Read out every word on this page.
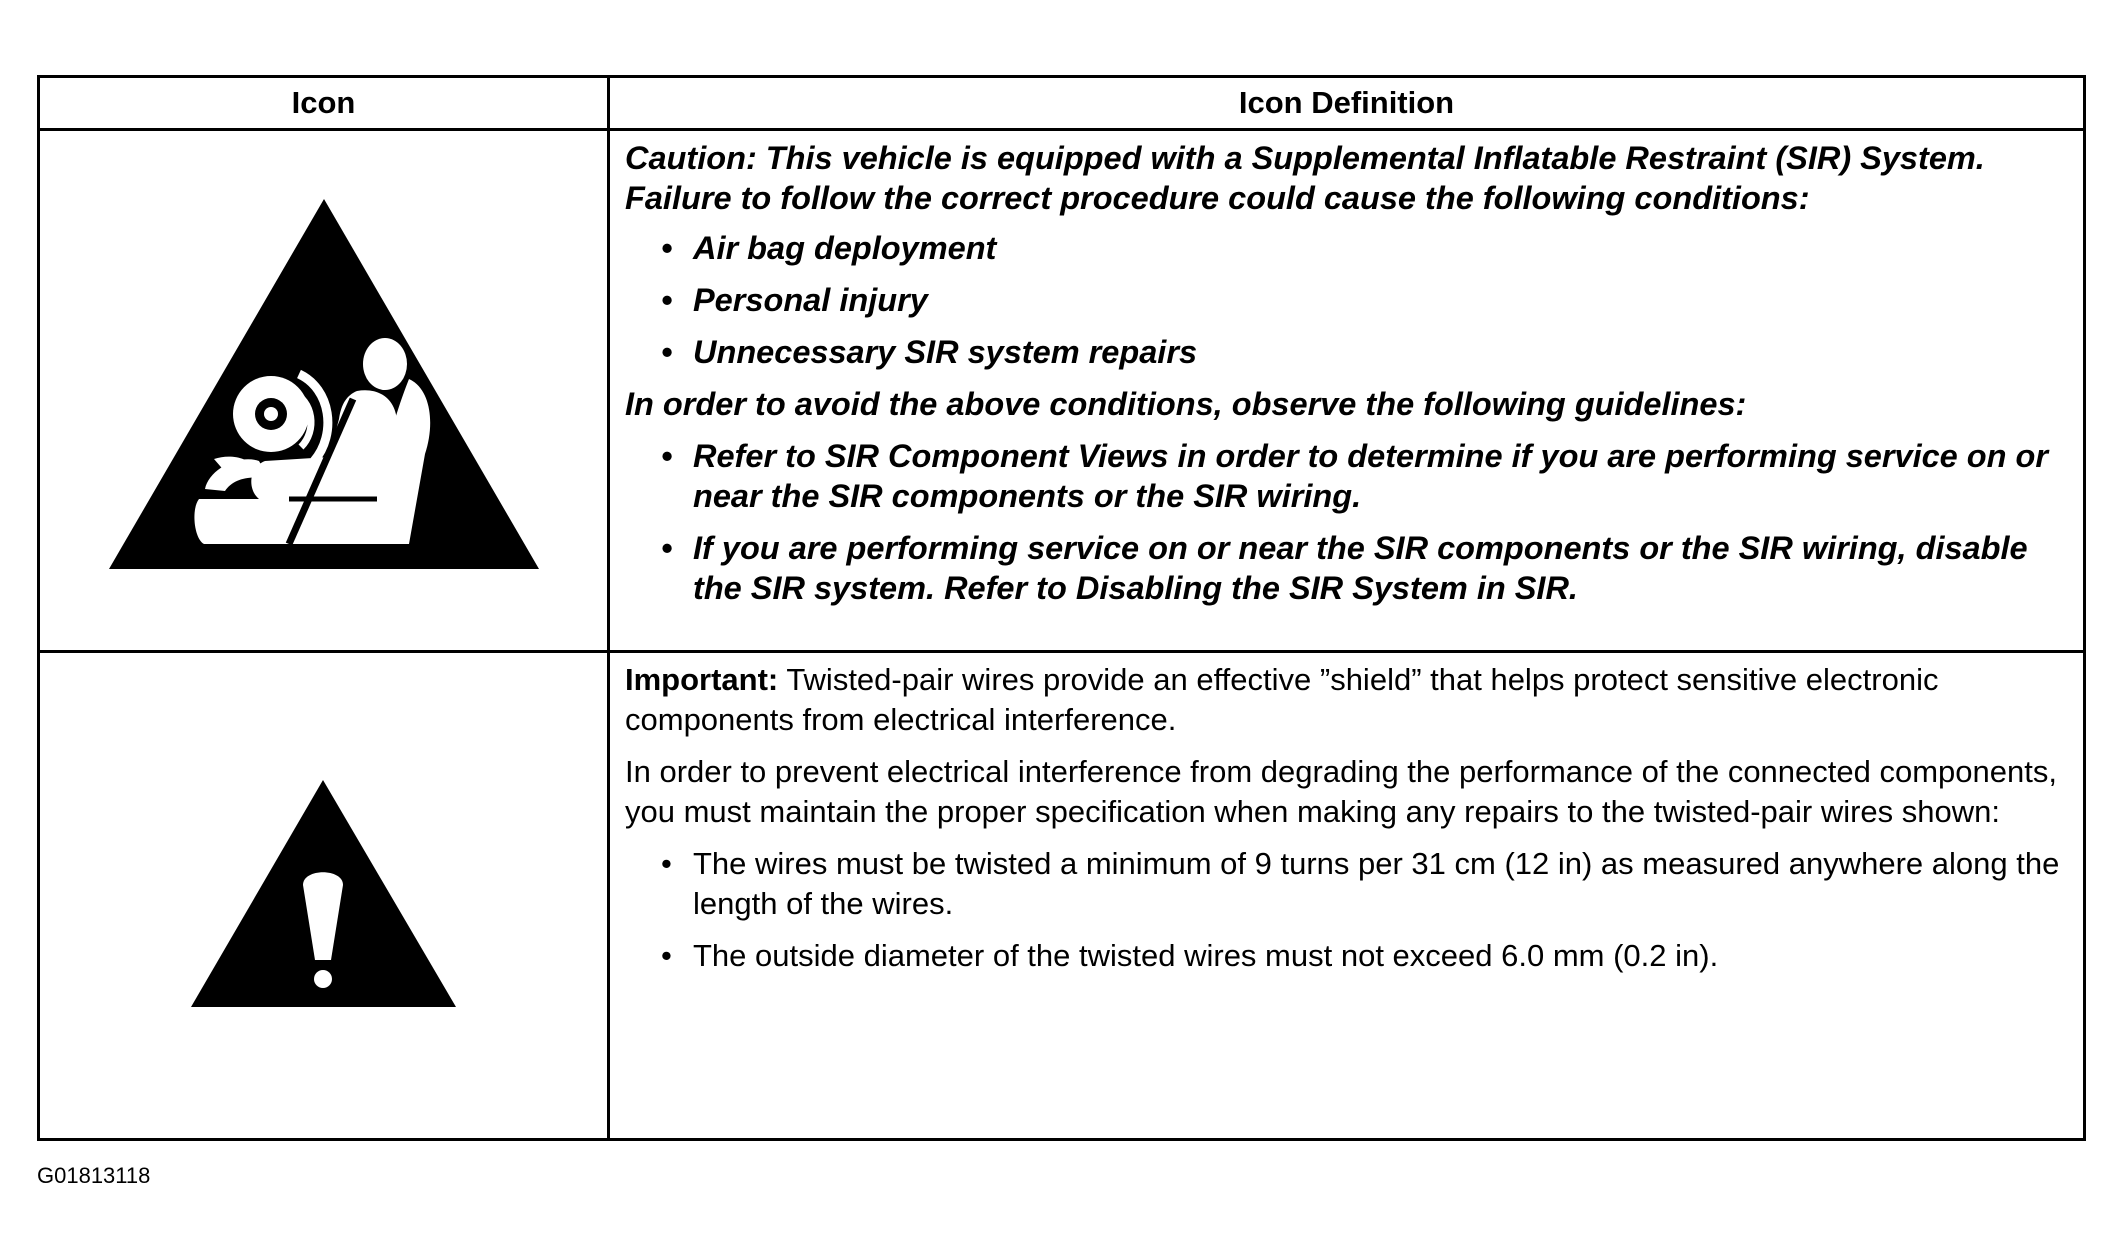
Icon	Icon Definition

Caution: This vehicle is equipped with a Supplemental Inflatable Restraint (SIR) System. Failure to follow the correct procedure could cause the following conditions:

• Air bag deployment
• Personal injury
• Unnecessary SIR system repairs

In order to avoid the above conditions, observe the following guidelines:

• Refer to SIR Component Views in order to determine if you are performing service on or near the SIR components or the SIR wiring.
• If you are performing service on or near the SIR components or the SIR wiring, disable the SIR system. Refer to Disabling the SIR System in SIR.

Important: Twisted-pair wires provide an effective ”shield” that helps protect sensitive electronic components from electrical interference.

In order to prevent electrical interference from degrading the performance of the connected components, you must maintain the proper specification when making any repairs to the twisted-pair wires shown:

• The wires must be twisted a minimum of 9 turns per 31 cm (12 in) as measured anywhere along the length of the wires.
• The outside diameter of the twisted wires must not exceed 6.0 mm (0.2 in).
G01813118
